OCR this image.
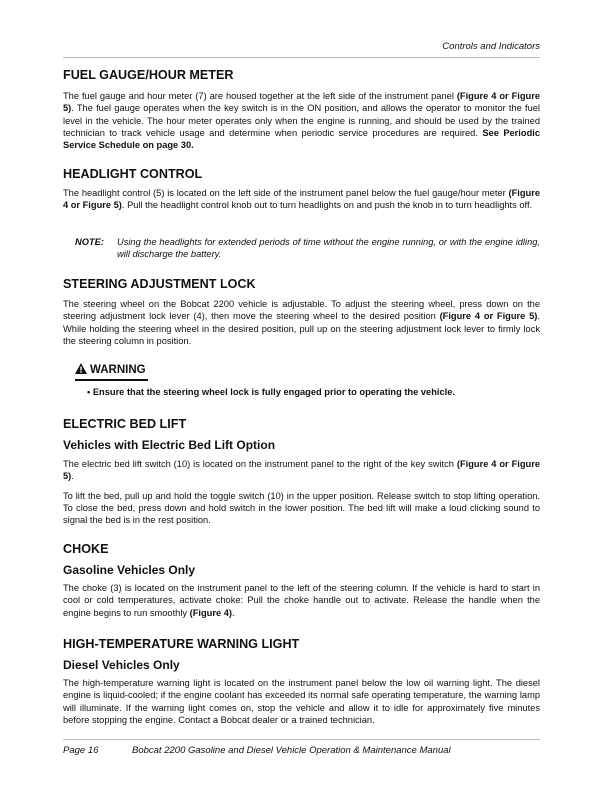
Controls and Indicators
FUEL GAUGE/HOUR METER

The fuel gauge and hour meter (7) are housed together at the left side of the instrument panel (Figure 4 or Figure 5). The fuel gauge operates when the key switch is in the ON position, and allows the operator to monitor the fuel level in the vehicle. The hour meter operates only when the engine is running, and should be used by the trained technician to track vehicle usage and determine when periodic service procedures are required. See Periodic Service Schedule on page 30.

HEADLIGHT CONTROL

The headlight control (5) is located on the left side of the instrument panel below the fuel gauge/hour meter (Figure 4 or Figure 5). Pull the headlight control knob out to turn headlights on and push the knob in to turn headlights off.

NOTE: Using the headlights for extended periods of time without the engine running, or with the engine idling, will discharge the battery.
STEERING ADJUSTMENT LOCK

The steering wheel on the Bobcat 2200 vehicle is adjustable. To adjust the steering wheel, press down on the steering adjustment lock lever (4), then move the steering wheel to the desired position (Figure 4 or Figure 5). While holding the steering wheel in the desired position, pull up on the steering adjustment lock lever to firmly lock the steering column in position.

WARNING
• Ensure that the steering wheel lock is fully engaged prior to operating the vehicle.
ELECTRIC BED LIFT
Vehicles with Electric Bed Lift Option

The electric bed lift switch (10) is located on the instrument panel to the right of the key switch (Figure 4 or Figure 5).

To lift the bed, pull up and hold the toggle switch (10) in the upper position. Release switch to stop lifting operation. To close the bed, press down and hold switch in the lower position. The bed lift will make a loud clicking sound to signal the bed is in the rest position.

CHOKE
Gasoline Vehicles Only

The choke (3) is located on the instrument panel to the left of the steering column. If the vehicle is hard to start in cool or cold temperatures, activate choke: Pull the choke handle out to activate. Release the handle when the engine begins to run smoothly (Figure 4).

HIGH-TEMPERATURE WARNING LIGHT
Diesel Vehicles Only

The high-temperature warning light is located on the instrument panel below the low oil warning light. The diesel engine is liquid-cooled; if the engine coolant has exceeded its normal safe operating temperature, the warning lamp will illuminate. If the warning light comes on, stop the vehicle and allow it to idle for approximately five minutes before stopping the engine. Contact a Bobcat dealer or a trained technician.

Page 16	Bobcat 2200 Gasoline and Diesel Vehicle Operation & Maintenance Manual
